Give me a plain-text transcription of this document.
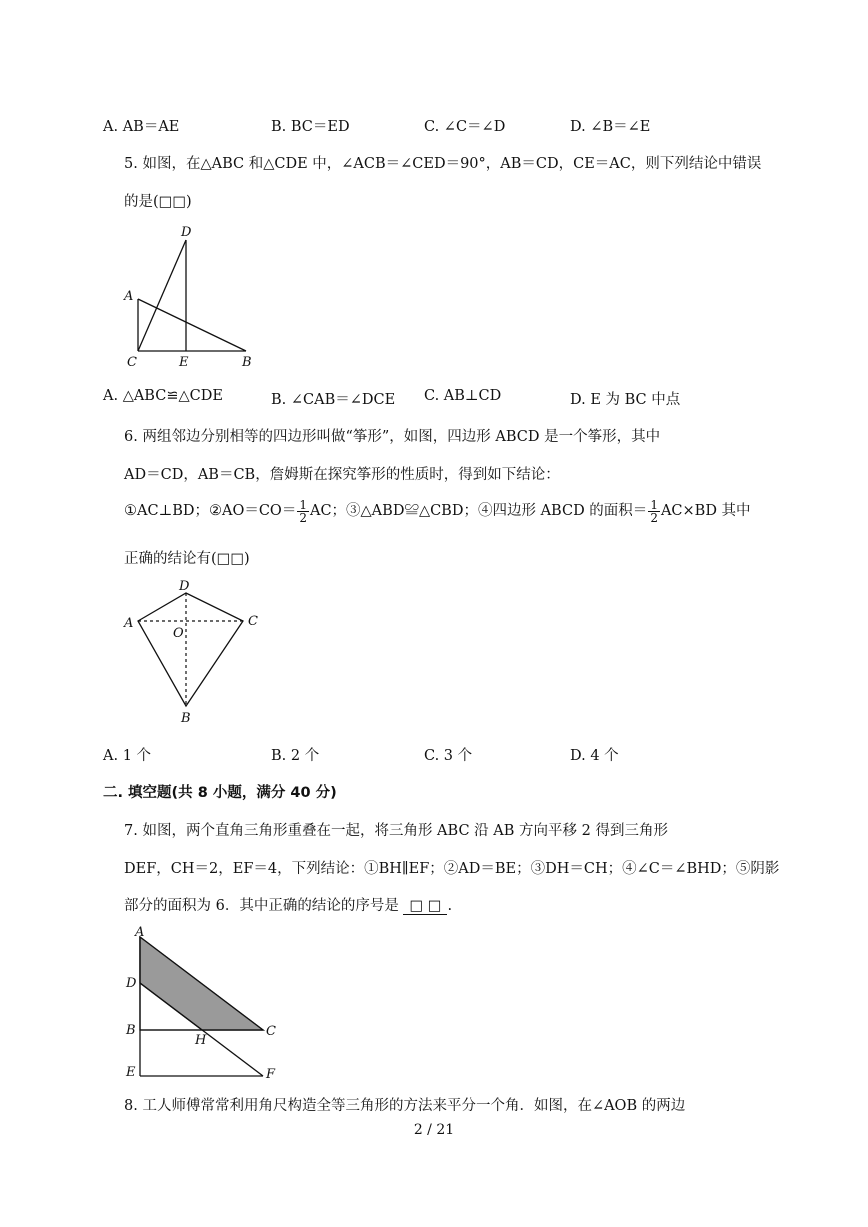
A. AB＝AE	B. BC＝ED	C. ∠C＝∠D	D. ∠B＝∠E
5. 如图，在△ABC 和△CDE 中，∠ACB＝∠CED＝90°，AB＝CD，CE＝AC，则下列结论中错误
的是(□□)
D
A
C	E	B
A. △ABC≌△CDE	B. ∠CAB＝∠DCE C. AB⊥CD	D. E 为 BC 中点
6. 两组邻边分别相等的四边形叫做“筝形”，如图，四边形 ABCD 是一个筝形，其中
AD＝CD，AB＝CB，詹姆斯在探究筝形的性质时，得到如下结论：
①AC⊥BD；②AO＝CO＝ $\frac{1}{2}$ AC；③△ABD≌△CBD；④四边形 ABCD 的面积＝ $\frac{1}{2} AC\times BD$ 其中
正确的结论有(□□)
D
A
O
C
B
A. 1 个	B. 2 个	C. 3 个	D. 4 个
二. 填空题(共 8 小题，满分 40 分)
7. 如图，两个直角三角形重叠在一起，将三角形 ABC 沿 AB 方向平移 2 得到三角形
DEF，CH＝2，EF＝4，下列结论：①BH∥EF；②AD＝BE；③DH＝CH；④∠C＝∠BHD；⑤阴影
部分的面积为 6．其中正确的结论的序号是 □ □ .
A
D
B
H
C
E	F
8. 工人师傅常常利用角尺构造全等三角形的方法来平分一个角．如图，在∠AOB 的两边
2 / 21
